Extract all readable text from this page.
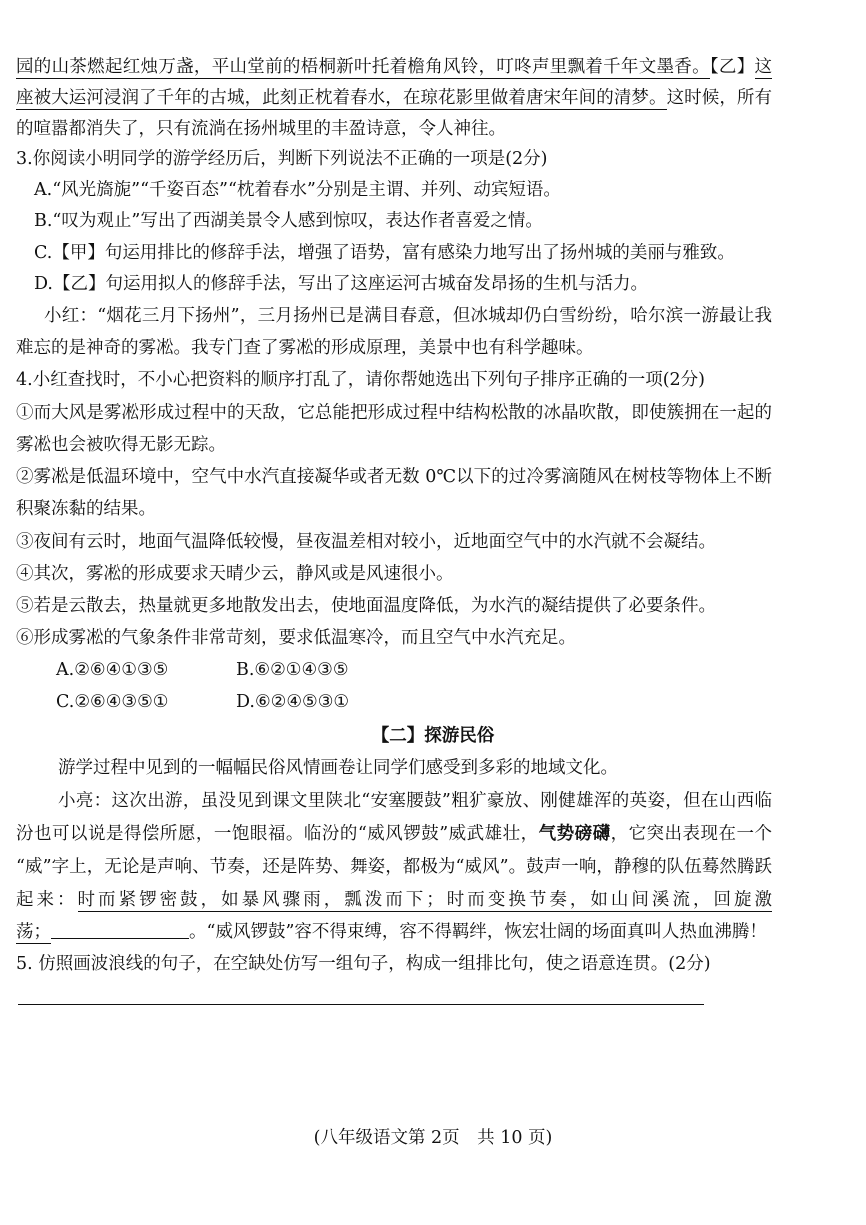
园的山茶燃起红烛万盏，平山堂前的梧桐新叶托着檐角风铃，叮咚声里飘着千年文墨香。【乙】这
座被大运河浸润了千年的古城，此刻正枕着春水，在琼花影里做着唐宋年间的清梦。这时候，所有
的喧嚣都消失了，只有流淌在扬州城里的丰盈诗意，令人神往。
3.你阅读小明同学的游学经历后，判断下列说法不正确的一项是(2分)
A.“风光旖旎”“千姿百态”“枕着春水”分别是主谓、并列、动宾短语。
B.“叹为观止”写出了西湖美景令人感到惊叹，表达作者喜爱之情。
C.【甲】句运用排比的修辞手法，增强了语势，富有感染力地写出了扬州城的美丽与雅致。
D.【乙】句运用拟人的修辞手法，写出了这座运河古城奋发昂扬的生机与活力。
小红：“烟花三月下扬州”，三月扬州已是满目春意，但冰城却仍白雪纷纷，哈尔滨一游最让我
难忘的是神奇的雾凇。我专门查了雾凇的形成原理，美景中也有科学趣味。
4.小红查找时，不小心把资料的顺序打乱了，请你帮她选出下列句子排序正确的一项(2分)
①而大风是雾凇形成过程中的天敌，它总能把形成过程中结构松散的冰晶吹散，即使簇拥在一起的
雾凇也会被吹得无影无踪。
②雾凇是低温环境中，空气中水汽直接凝华或者无数 0℃以下的过冷雾滴随风在树枝等物体上不断
积聚冻黏的结果。
③夜间有云时，地面气温降低较慢，昼夜温差相对较小，近地面空气中的水汽就不会凝结。
④其次，雾凇的形成要求天晴少云，静风或是风速很小。
⑤若是云散去，热量就更多地散发出去，使地面温度降低，为水汽的凝结提供了必要条件。
⑥形成雾凇的气象条件非常苛刻，要求低温寒冷，而且空气中水汽充足。
A.②⑥④①③⑤	B.⑥②①④③⑤
C.②⑥④③⑤①	D.⑥②④⑤③①
【二】探游民俗
游学过程中见到的一幅幅民俗风情画卷让同学们感受到多彩的地域文化。
小亮：这次出游，虽没见到课文里陕北“安塞腰鼓”粗犷豪放、刚健雄浑的英姿，但在山西临
汾也可以说是得偿所愿，一饱眼福。临汾的“威风锣鼓”威武雄壮，气势磅礴，它突出表现在一个
“威”字上，无论是声响、节奏，还是阵势、舞姿，都极为“威风”。鼓声一响，静穆的队伍蓦然腾跃
起来：时而紧锣密鼓，如暴风骤雨，瓢泼而下；时而变换节奏，如山间溪流，回旋激
荡；	。“威风锣鼓”容不得束缚，容不得羁绊，恢宏壮阔的场面真叫人热血沸腾！
5. 仿照画波浪线的句子，在空缺处仿写一组句子，构成一组排比句，使之语意连贯。(2分)
(八年级语文第 2页　共 10 页)
